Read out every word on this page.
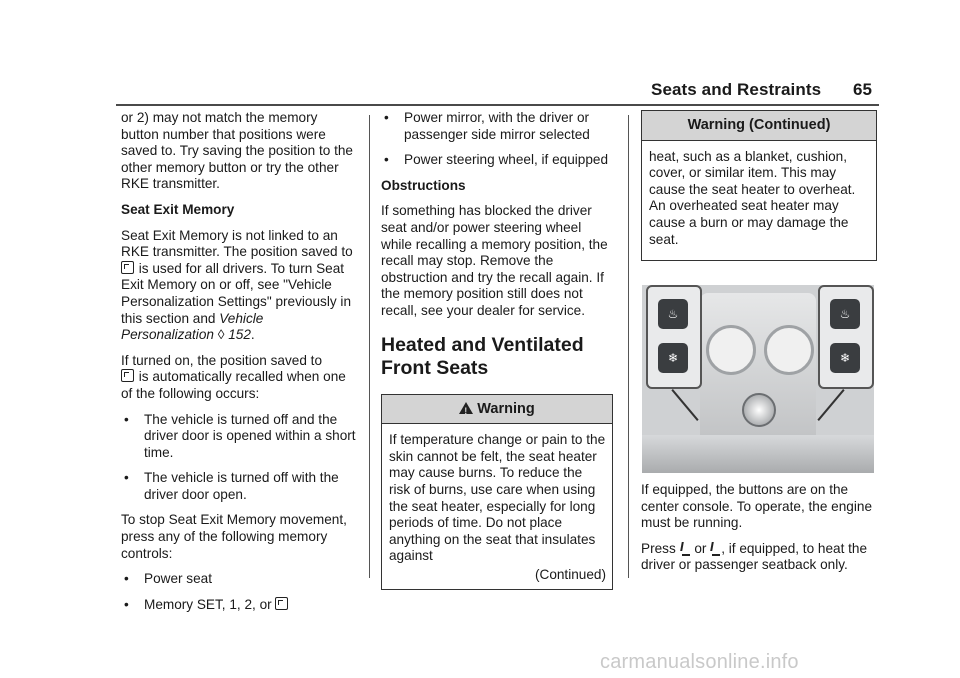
Seats and Restraints 65

or 2) may not match the memory button number that positions were saved to. Try saving the position to the other memory button or try the other RKE transmitter.

Seat Exit Memory

Seat Exit Memory is not linked to an RKE transmitter. The position saved to  is used for all drivers. To turn Seat Exit Memory on or off, see "Vehicle Personalization Settings" previously in this section and Vehicle Personalization ◊ 152.

If turned on, the position saved to
is automatically recalled when one of the following occurs:

• The vehicle is turned off and the driver door is opened within a short time.

• The vehicle is turned off with the driver door open.

To stop Seat Exit Memory movement, press any of the following memory controls:

• Power seat

• Memory SET, 1, 2, or

• Power mirror, with the driver or passenger side mirror selected

• Power steering wheel, if equipped

Obstructions

If something has blocked the driver seat and/or power steering wheel while recalling a memory position, the recall may stop. Remove the obstruction and try the recall again. If the memory position still does not recall, see your dealer for service.

Heated and Ventilated
Front Seats
!Warning

If temperature change or pain to the skin cannot be felt, the seat heater may cause burns. To reduce the risk of burns, use care when using the seat heater, especially for long periods of time. Do not place anything on the seat that insulates against

(Continued)

Warning (Continued)

heat, such as a blanket, cushion, cover, or similar item. This may cause the seat heater to overheat. An overheated seat heater may cause a burn or may damage the seat.

♨
❄
♨
❄

If equipped, the buttons are on the center console. To operate, the engine must be running.

Press or , if equipped, to heat the driver or passenger seatback only.

carmanualsonline.info
